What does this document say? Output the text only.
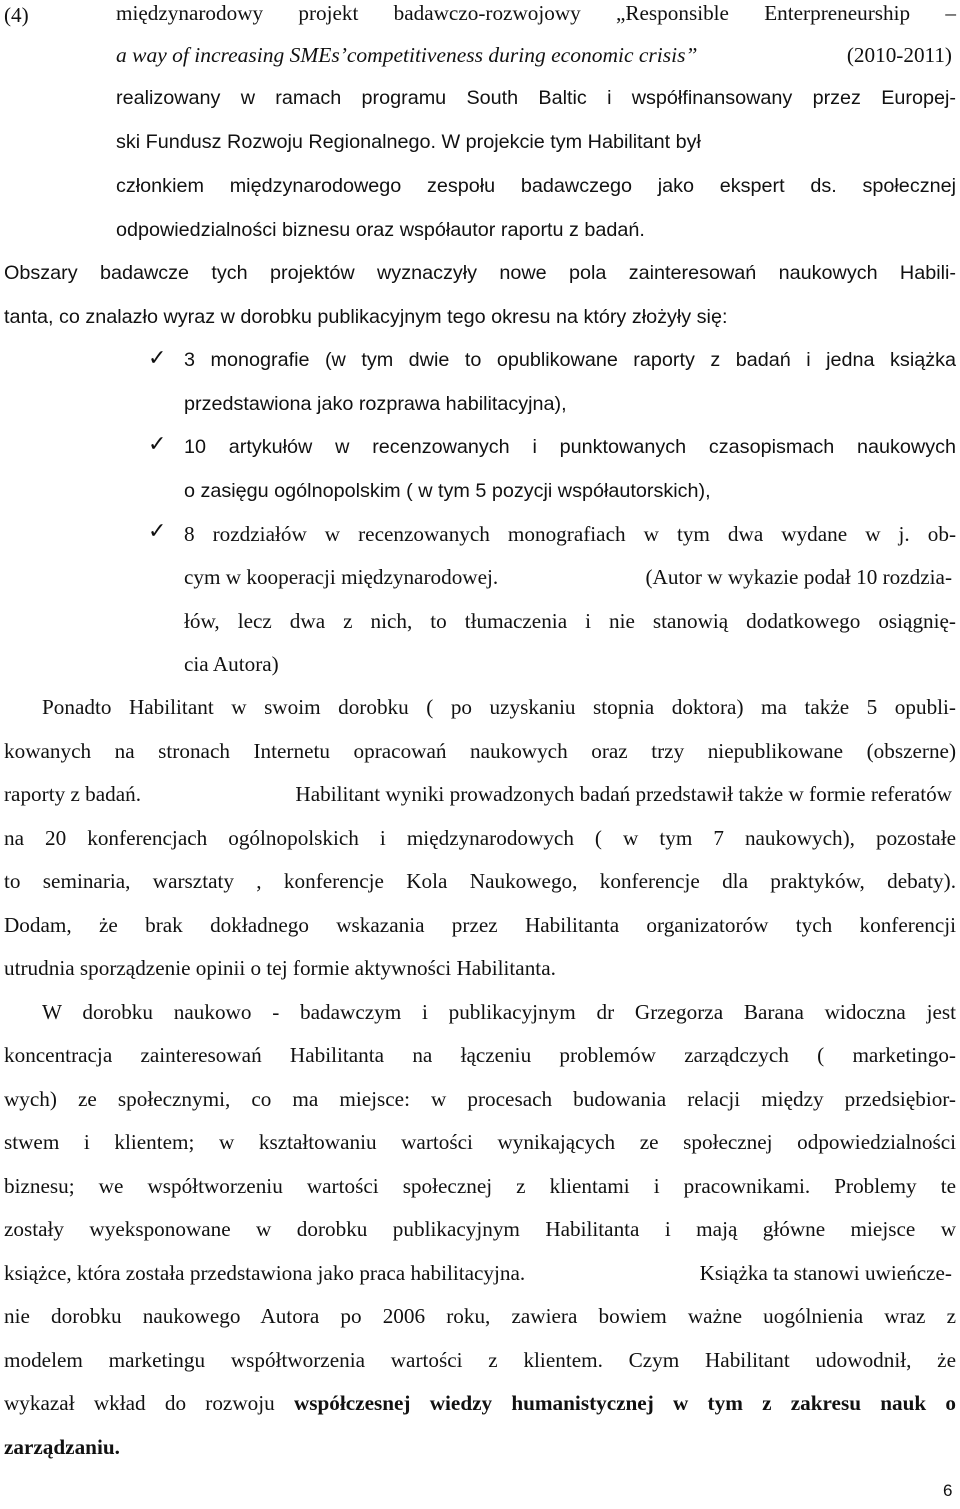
(4)	międzynarodowy projekt badawczo-rozwojowy „Responsible Enterpreneurship –
a way of increasing SMEs’competitiveness during economic crisis”	(2010-2011)
realizowany w ramach programu South Baltic i współfinansowany przez Europej-
ski Fundusz Rozwoju Regionalnego. W projekcie tym Habilitant był
członkiem międzynarodowego zespołu badawczego jako ekspert ds. społecznej
odpowiedzialności biznesu oraz współautor raportu z badań.
Obszary badawcze tych projektów wyznaczyły nowe pola zainteresowań naukowych Habili-
tanta, co znalazło wyraz w dorobku publikacyjnym tego okresu na który złożyły się:
✓ 3 monografie (w tym dwie to opublikowane raporty z badań i jedna książka
przedstawiona jako rozprawa habilitacyjna),
✓ 10 artykułów w recenzowanych i punktowanych czasopismach naukowych
o zasięgu ogólnopolskim ( w tym 5 pozycji współautorskich),
✓ 8 rozdziałów w recenzowanych monografiach w tym dwa wydane w j. ob-
cym w kooperacji międzynarodowej.	(Autor w wykazie podał 10 rozdzia-
łów, lecz dwa z nich, to tłumaczenia i nie stanowią dodatkowego osiągnię-
cia Autora)
Ponadto Habilitant w swoim dorobku ( po uzyskaniu stopnia doktora) ma także 5 opubli-
kowanych na stronach Internetu opracowań naukowych oraz trzy niepublikowane (obszerne)
raporty z badań.	Habilitant wyniki prowadzonych badań przedstawił także w formie referatów
na 20 konferencjach ogólnopolskich i międzynarodowych ( w tym 7 naukowych), pozostałe
to seminaria, warsztaty , konferencje Kola Naukowego, konferencje dla praktyków, debaty).
Dodam, że brak dokładnego wskazania przez Habilitanta organizatorów tych konferencji
utrudnia sporządzenie opinii o tej formie aktywności Habilitanta.
W dorobku naukowo - badawczym i publikacyjnym dr Grzegorza Barana widoczna jest
koncentracja zainteresowań Habilitanta na łączeniu problemów zarządczych ( marketingo-
wych) ze społecznymi, co ma miejsce: w procesach budowania relacji między przedsiębior-
stwem i klientem; w kształtowaniu wartości wynikających ze społecznej odpowiedzialności
biznesu; we współtworzeniu wartości społecznej z klientami i pracownikami. Problemy te
zostały wyeksponowane w dorobku publikacyjnym Habilitanta i mają główne miejsce w
książce, która została przedstawiona jako praca habilitacyjna.	Książka ta stanowi uwieńcze-
nie dorobku naukowego Autora po 2006 roku, zawiera bowiem ważne uogólnienia wraz z
modelem marketingu współtworzenia wartości z klientem. Czym Habilitant udowodnił, że
wykazał wkład do rozwoju współczesnej wiedzy humanistycznej w tym z zakresu nauk o
zarządzaniu.
6
